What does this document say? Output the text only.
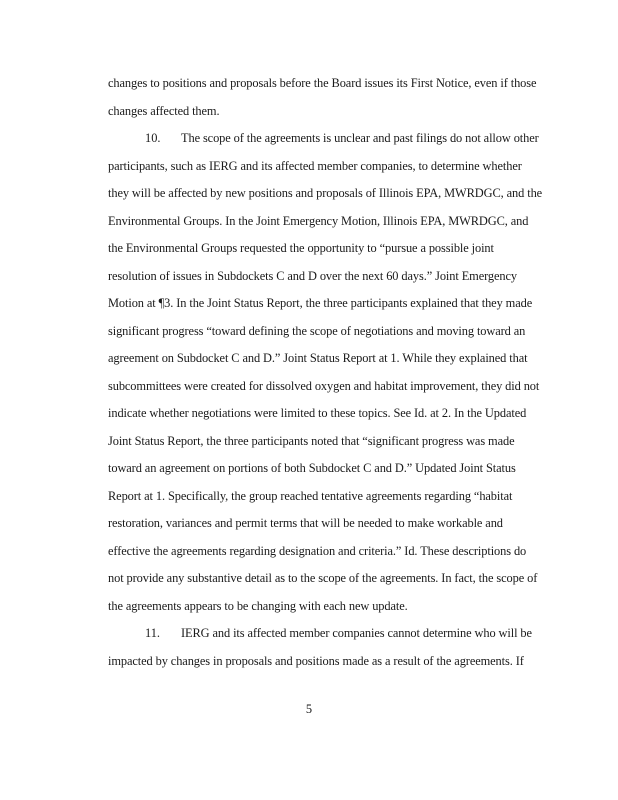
changes to positions and proposals before the Board issues its First Notice, even if those
changes affected them.
10. The scope of the agreements is unclear and past filings do not allow other
participants, such as IERG and its affected member companies, to determine whether
they will be affected by new positions and proposals of Illinois EPA, MWRDGC, and the
Environmental Groups. In the Joint Emergency Motion, Illinois EPA, MWRDGC, and
the Environmental Groups requested the opportunity to “pursue a possible joint
resolution of issues in Subdockets C and D over the next 60 days.” Joint Emergency
Motion at ¶3. In the Joint Status Report, the three participants explained that they made
significant progress “toward defining the scope of negotiations and moving toward an
agreement on Subdocket C and D.” Joint Status Report at 1. While they explained that
subcommittees were created for dissolved oxygen and habitat improvement, they did not
indicate whether negotiations were limited to these topics. See Id. at 2. In the Updated
Joint Status Report, the three participants noted that “significant progress was made
toward an agreement on portions of both Subdocket C and D.” Updated Joint Status
Report at 1. Specifically, the group reached tentative agreements regarding “habitat
restoration, variances and permit terms that will be needed to make workable and
effective the agreements regarding designation and criteria.” Id. These descriptions do
not provide any substantive detail as to the scope of the agreements. In fact, the scope of
the agreements appears to be changing with each new update.
11. IERG and its affected member companies cannot determine who will be
impacted by changes in proposals and positions made as a result of the agreements. If
5
